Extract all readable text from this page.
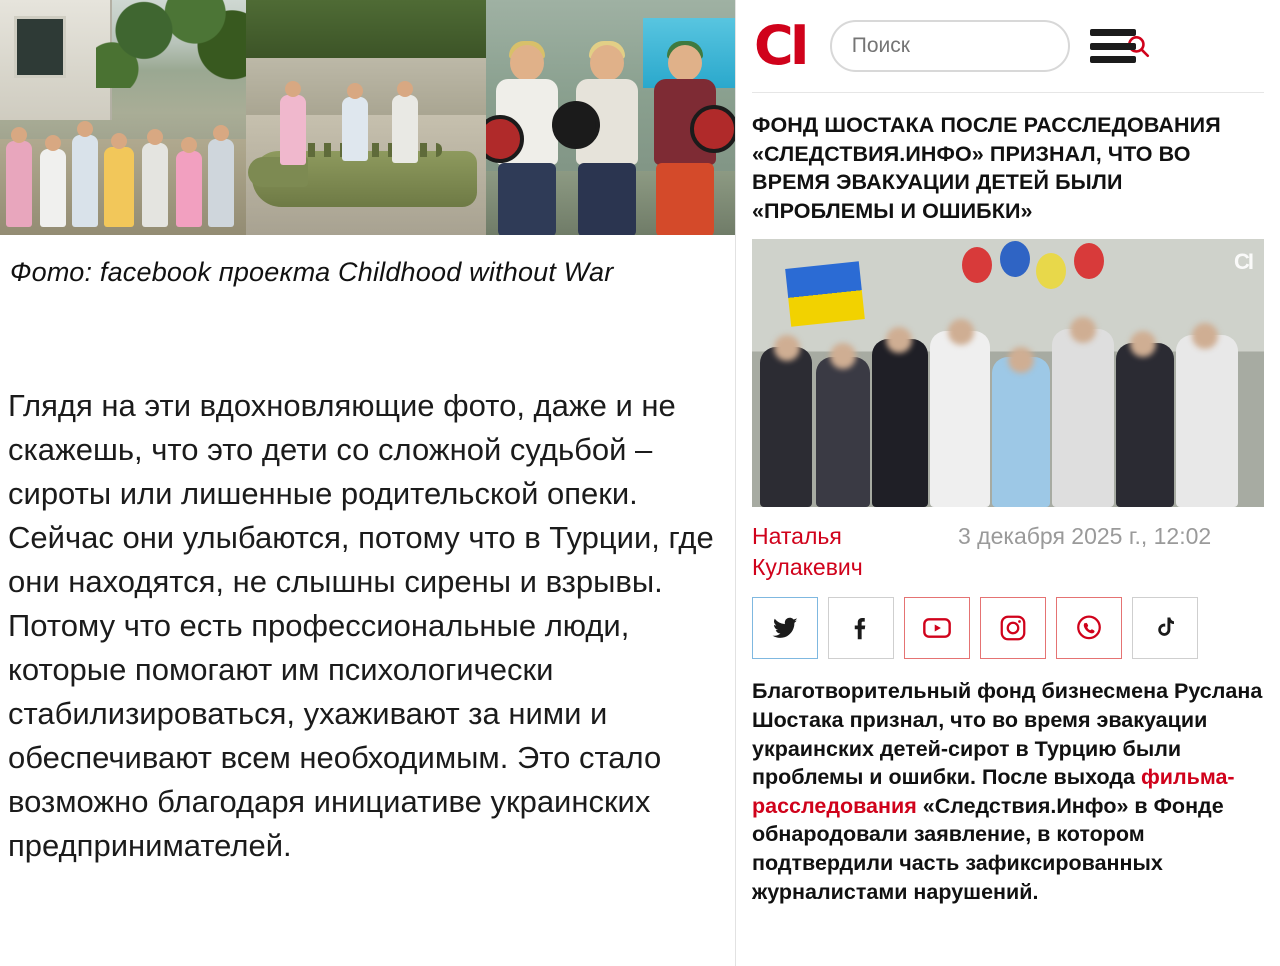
Фото: facebook проекта Childhood without War
Глядя на эти вдохновляющие фото, даже и не скажешь, что это дети со сложной судьбой – сироты или лишенные родительской опеки. Сейчас они улыбаются, потому что в Турции, где они находятся, не слышны сирены и взрывы. Потому что есть профессиональные люди, которые помогают им психологически стабилизироваться, ухаживают за ними и обеспечивают всем необходимым. Это стало возможно благодаря инициативе украинских предпринимателей.
CI
Поиск
ФОНД ШОСТАКА ПОСЛЕ РАССЛЕДОВАНИЯ «СЛЕДСТВИЯ.ИНФО» ПРИЗНАЛ, ЧТО ВО ВРЕМЯ ЭВАКУАЦИИ ДЕТЕЙ БЫЛИ «ПРОБЛЕМЫ И ОШИБКИ»
CI
Наталья Кулакевич
3 декабря 2025 г., 12:02
Благотворительный фонд бизнесмена Руслана Шостака признал, что во время эвакуации украинских детей-сирот в Турцию были проблемы и ошибки. После выхода фильма-расследования «Следствия.Инфо» в Фонде обнародовали заявление, в котором подтвердили часть зафиксированных журналистами нарушений.
